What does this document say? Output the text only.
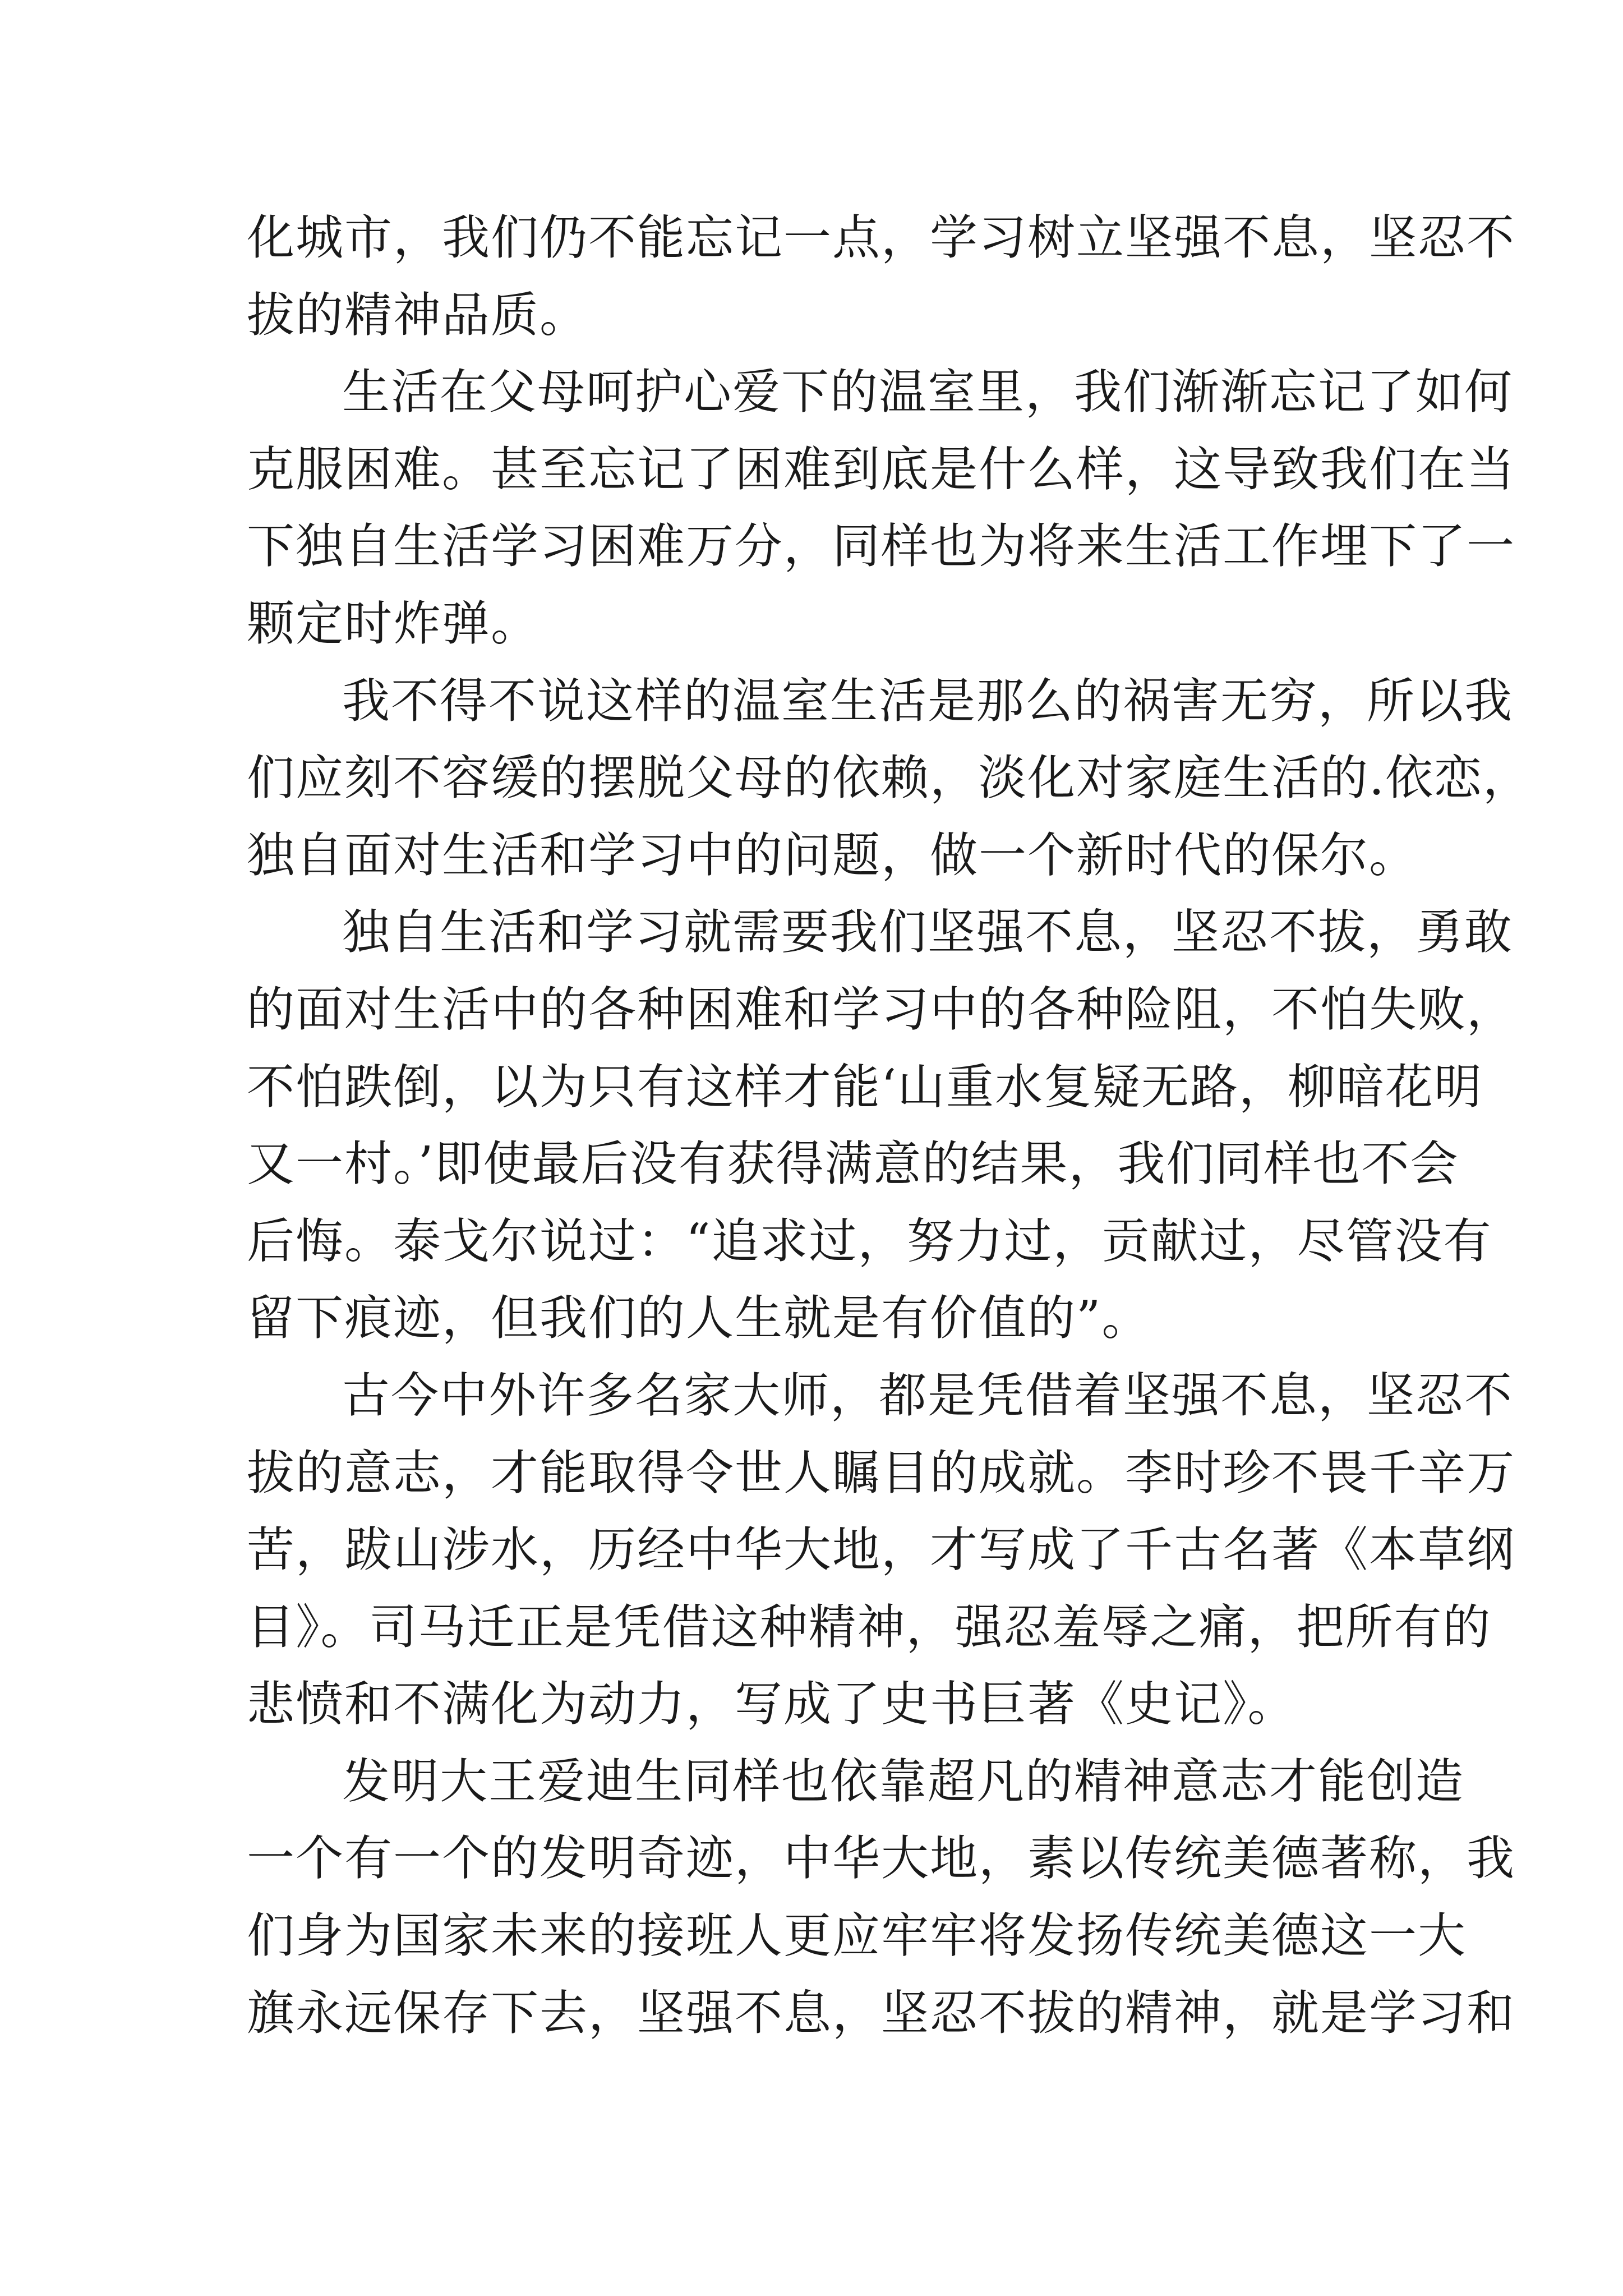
化城市，我们仍不能忘记一点，学习树立坚强不息，坚忍不
拔的精神品质。
生活在父母呵护心爱下的温室里，我们渐渐忘记了如何
克服困难。甚至忘记了困难到底是什么样，这导致我们在当
下独自生活学习困难万分，同样也为将来生活工作埋下了一
颗定时炸弹。
我不得不说这样的温室生活是那么的祸害无穷，所以我
们应刻不容缓的摆脱父母的依赖，淡化对家庭生活的.依恋，
独自面对生活和学习中的问题，做一个新时代的保尔。
独自生活和学习就需要我们坚强不息，坚忍不拔，勇敢
的面对生活中的各种困难和学习中的各种险阻，不怕失败，
不怕跌倒，以为只有这样才能‘山重水复疑无路，柳暗花明
又一村。’即使最后没有获得满意的结果，我们同样也不会
后悔。泰戈尔说过：“追求过，努力过，贡献过，尽管没有
留下痕迹，但我们的人生就是有价值的”。
古今中外许多名家大师，都是凭借着坚强不息，坚忍不
拔的意志，才能取得令世人瞩目的成就。李时珍不畏千辛万
苦，跋山涉水，历经中华大地，才写成了千古名著《本草纲
目》。司马迁正是凭借这种精神，强忍羞辱之痛，把所有的
悲愤和不满化为动力，写成了史书巨著《史记》。
发明大王爱迪生同样也依靠超凡的精神意志才能创造
一个有一个的发明奇迹，中华大地，素以传统美德著称，我
们身为国家未来的接班人更应牢牢将发扬传统美德这一大
旗永远保存下去，坚强不息，坚忍不拔的精神，就是学习和
